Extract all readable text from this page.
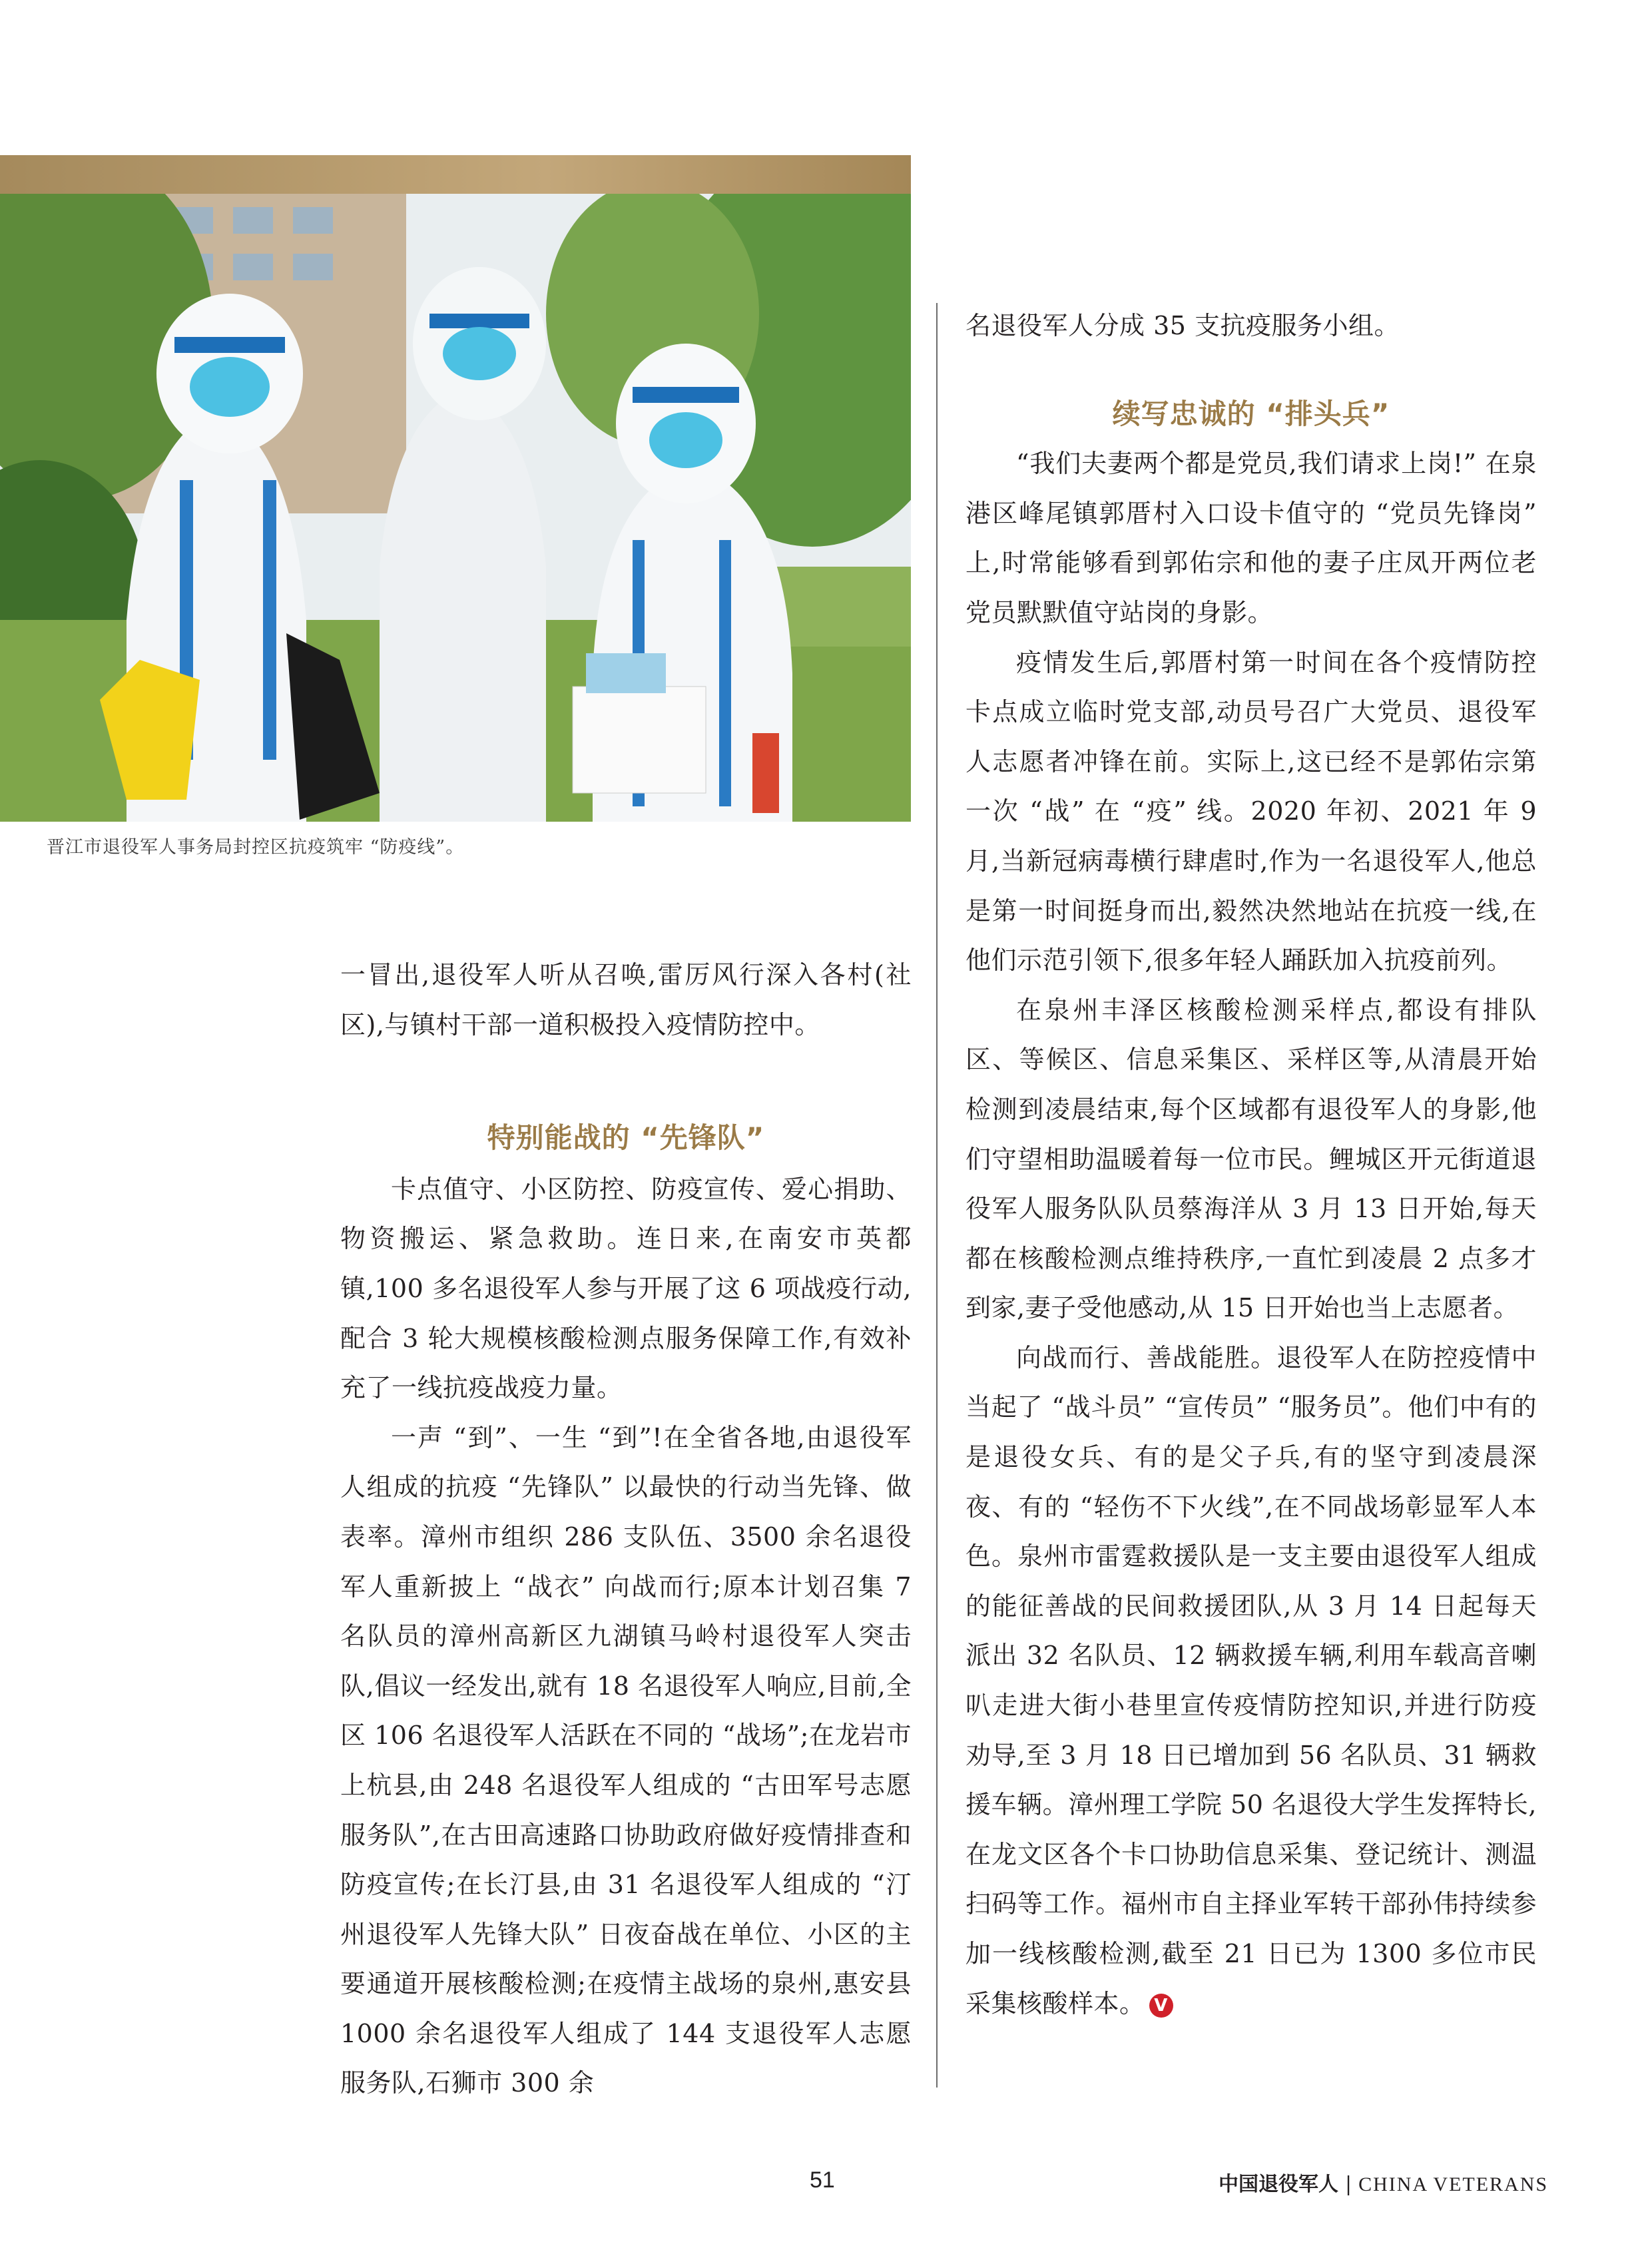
晋江市退役军人事务局封控区抗疫筑牢 “防疫线”。

一冒出,退役军人听从召唤,雷厉风行深入各村(社区),与镇村干部一道积极投入疫情防控中。

特别能战的 “先锋队”

卡点值守、小区防控、防疫宣传、爱心捐助、物资搬运、紧急救助。连日来,在南安市英都镇,100 多名退役军人参与开展了这 6 项战疫行动,配合 3 轮大规模核酸检测点服务保障工作,有效补充了一线抗疫战疫力量。

一声 “到”、一生 “到”!在全省各地,由退役军人组成的抗疫 “先锋队” 以最快的行动当先锋、做表率。漳州市组织 286 支队伍、3500 余名退役军人重新披上 “战衣” 向战而行;原本计划召集 7 名队员的漳州高新区九湖镇马岭村退役军人突击队,倡议一经发出,就有 18 名退役军人响应,目前,全区 106 名退役军人活跃在不同的 “战场”;在龙岩市上杭县,由 248 名退役军人组成的 “古田军号志愿服务队”,在古田高速路口协助政府做好疫情排查和防疫宣传;在长汀县,由 31 名退役军人组成的 “汀州退役军人先锋大队” 日夜奋战在单位、小区的主要通道开展核酸检测;在疫情主战场的泉州,惠安县 1000 余名退役军人组成了 144 支退役军人志愿服务队,石狮市 300 余

名退役军人分成 35 支抗疫服务小组。

续写忠诚的 “排头兵”

“我们夫妻两个都是党员,我们请求上岗!” 在泉港区峰尾镇郭厝村入口设卡值守的 “党员先锋岗” 上,时常能够看到郭佑宗和他的妻子庄凤开两位老党员默默值守站岗的身影。

疫情发生后,郭厝村第一时间在各个疫情防控卡点成立临时党支部,动员号召广大党员、退役军人志愿者冲锋在前。实际上,这已经不是郭佑宗第一次 “战” 在 “疫” 线。2020 年初、2021 年 9 月,当新冠病毒横行肆虐时,作为一名退役军人,他总是第一时间挺身而出,毅然决然地站在抗疫一线,在他们示范引领下,很多年轻人踊跃加入抗疫前列。

在泉州丰泽区核酸检测采样点,都设有排队区、等候区、信息采集区、采样区等,从清晨开始检测到凌晨结束,每个区域都有退役军人的身影,他们守望相助温暖着每一位市民。鲤城区开元街道退役军人服务队队员蔡海洋从 3 月 13 日开始,每天都在核酸检测点维持秩序,一直忙到凌晨 2 点多才到家,妻子受他感动,从 15 日开始也当上志愿者。

向战而行、善战能胜。退役军人在防控疫情中当起了 “战斗员” “宣传员” “服务员”。他们中有的是退役女兵、有的是父子兵,有的坚守到凌晨深夜、有的 “轻伤不下火线”,在不同战场彰显军人本色。泉州市雷霆救援队是一支主要由退役军人组成的能征善战的民间救援团队,从 3 月 14 日起每天派出 32 名队员、12 辆救援车辆,利用车载高音喇叭走进大街小巷里宣传疫情防控知识,并进行防疫劝导,至 3 月 18 日已增加到 56 名队员、31 辆救援车辆。漳州理工学院 50 名退役大学生发挥特长,在龙文区各个卡口协助信息采集、登记统计、测温扫码等工作。福州市自主择业军转干部孙伟持续参加一线核酸检测,截至 21 日已为 1300 多位市民采集核酸样本。 V

51	中国退役军人 | CHINA VETERANS
